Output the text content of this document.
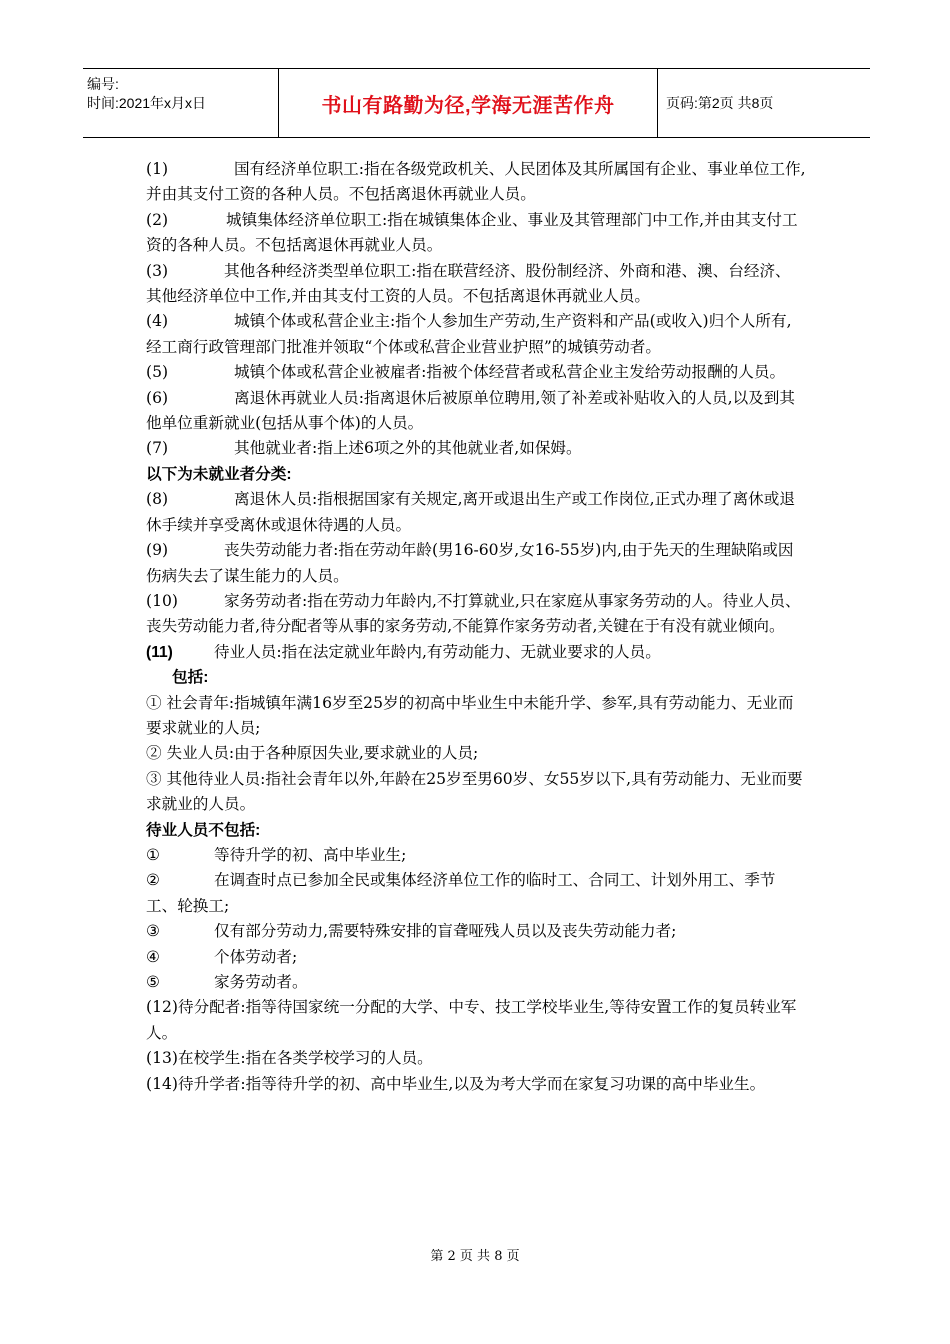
编号:
时间:2021年x月x日	书山有路勤为径,学海无涯苦作舟	页码:第2页 共8页

(1)	国有经济单位职工:指在各级党政机关、人民团体及其所属国有企业、事业单位工作,并由其支付工资的各种人员。不包括离退休再就业人员。

(2)	城镇集体经济单位职工:指在城镇集体企业、事业及其管理部门中工作,并由其支付工资的各种人员。不包括离退休再就业人员。

(3)	其他各种经济类型单位职工:指在联营经济、股份制经济、外商和港、澳、台经济、其他经济单位中工作,并由其支付工资的人员。不包括离退休再就业人员。

(4)	城镇个体或私营企业主:指个人参加生产劳动,生产资料和产品(或收入)归个人所有,经工商行政管理部门批准并领取“个体或私营企业营业护照”的城镇劳动者。

(5)	城镇个体或私营企业被雇者:指被个体经营者或私营企业主发给劳动报酬的人员。

(6)	离退休再就业人员:指离退休后被原单位聘用,领了补差或补贴收入的人员,以及到其他单位重新就业(包括从事个体)的人员。

(7)	其他就业者:指上述6项之外的其他就业者,如保姆。

以下为未就业者分类:

(8)	离退休人员:指根据国家有关规定,离开或退出生产或工作岗位,正式办理了离休或退休手续并享受离休或退休待遇的人员。

(9)	丧失劳动能力者:指在劳动年龄(男16-60岁,女16-55岁)内,由于先天的生理缺陷或因伤病失去了谋生能力的人员。

(10)	家务劳动者:指在劳动力年龄内,不打算就业,只在家庭从事家务劳动的人。待业人员、丧失劳动能力者,待分配者等从事的家务劳动,不能算作家务劳动者,关键在于有没有就业倾向。

(11)	待业人员:指在法定就业年龄内,有劳动能力、无就业要求的人员。

包括:

① 社会青年:指城镇年满16岁至25岁的初高中毕业生中未能升学、参军,具有劳动能力、无业而要求就业的人员;

② 失业人员:由于各种原因失业,要求就业的人员;

③ 其他待业人员:指社会青年以外,年龄在25岁至男60岁、女55岁以下,具有劳动能力、无业而要求就业的人员。

待业人员不包括:

①	等待升学的初、高中毕业生;

②	在调查时点已参加全民或集体经济单位工作的临时工、合同工、计划外用工、季节工、轮换工;

③	仅有部分劳动力,需要特殊安排的盲聋哑残人员以及丧失劳动能力者;

④	个体劳动者;

⑤	家务劳动者。

(12)待分配者:指等待国家统一分配的大学、中专、技工学校毕业生,等待安置工作的复员转业军人。

(13)在校学生:指在各类学校学习的人员。

(14)待升学者:指等待升学的初、高中毕业生,以及为考大学而在家复习功课的高中毕业生。

第 2 页 共 8 页
